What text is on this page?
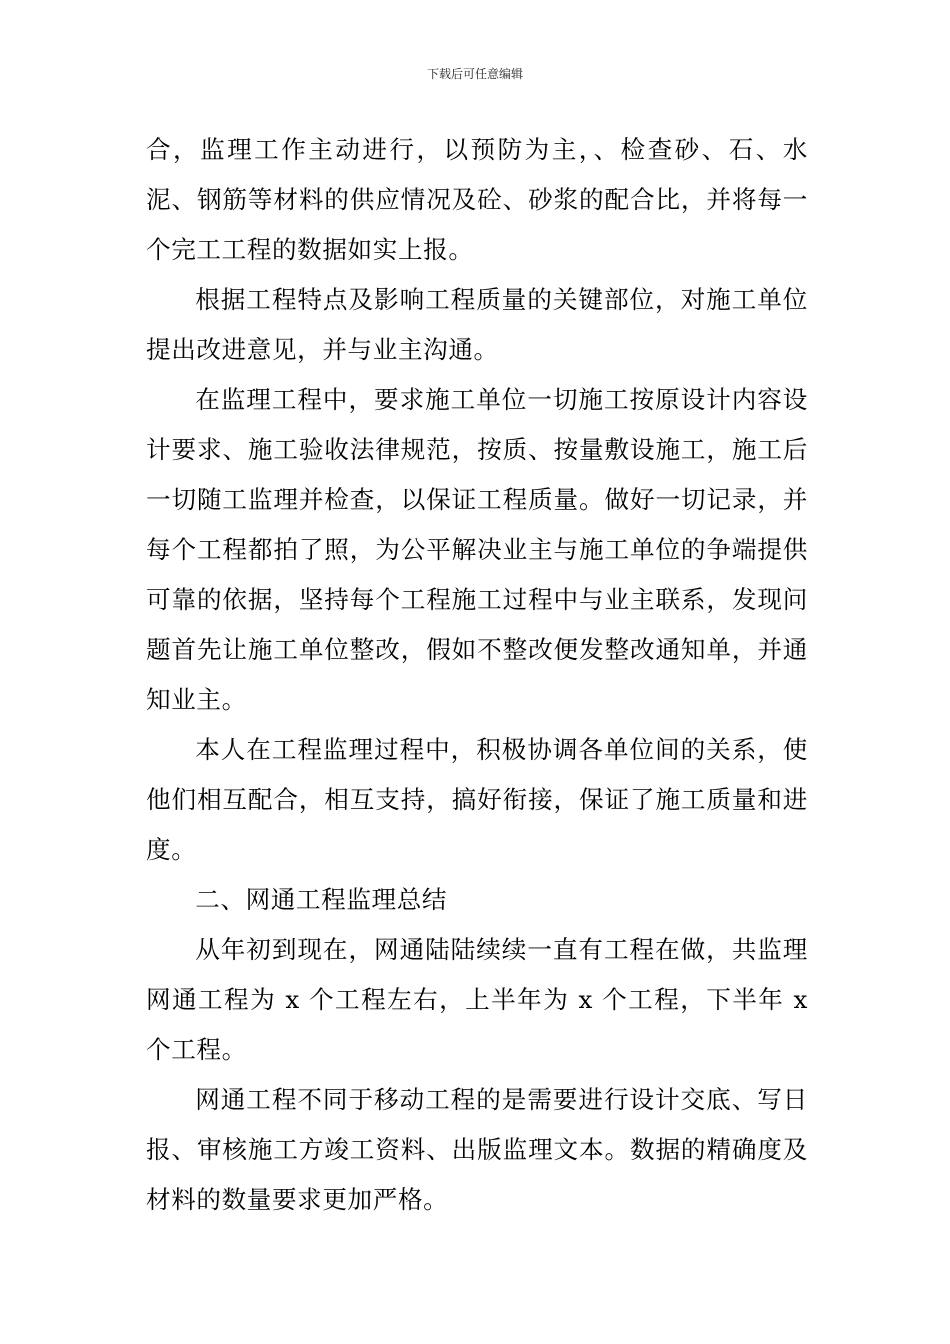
下载后可任意编辑

合，监理工作主动进行，以预防为主，、检查砂、石、水泥、钢筋等材料的供应情况及砼、砂浆的配合比，并将每一个完工工程的数据如实上报。

根据工程特点及影响工程质量的关键部位，对施工单位提出改进意见，并与业主沟通。

在监理工程中，要求施工单位一切施工按原设计内容设计要求、施工验收法律规范，按质、按量敷设施工，施工后一切随工监理并检查，以保证工程质量。做好一切记录，并每个工程都拍了照，为公平解决业主与施工单位的争端提供可靠的依据，坚持每个工程施工过程中与业主联系，发现问题首先让施工单位整改，假如不整改便发整改通知单，并通知业主。

本人在工程监理过程中，积极协调各单位间的关系，使他们相互配合，相互支持，搞好衔接，保证了施工质量和进度。

二、网通工程监理总结

从年初到现在，网通陆陆续续一直有工程在做，共监理网通工程为 x 个工程左右，上半年为 x 个工程，下半年 x 个工程。

网通工程不同于移动工程的是需要进行设计交底、写日报、审核施工方竣工资料、出版监理文本。数据的精确度及材料的数量要求更加严格。
